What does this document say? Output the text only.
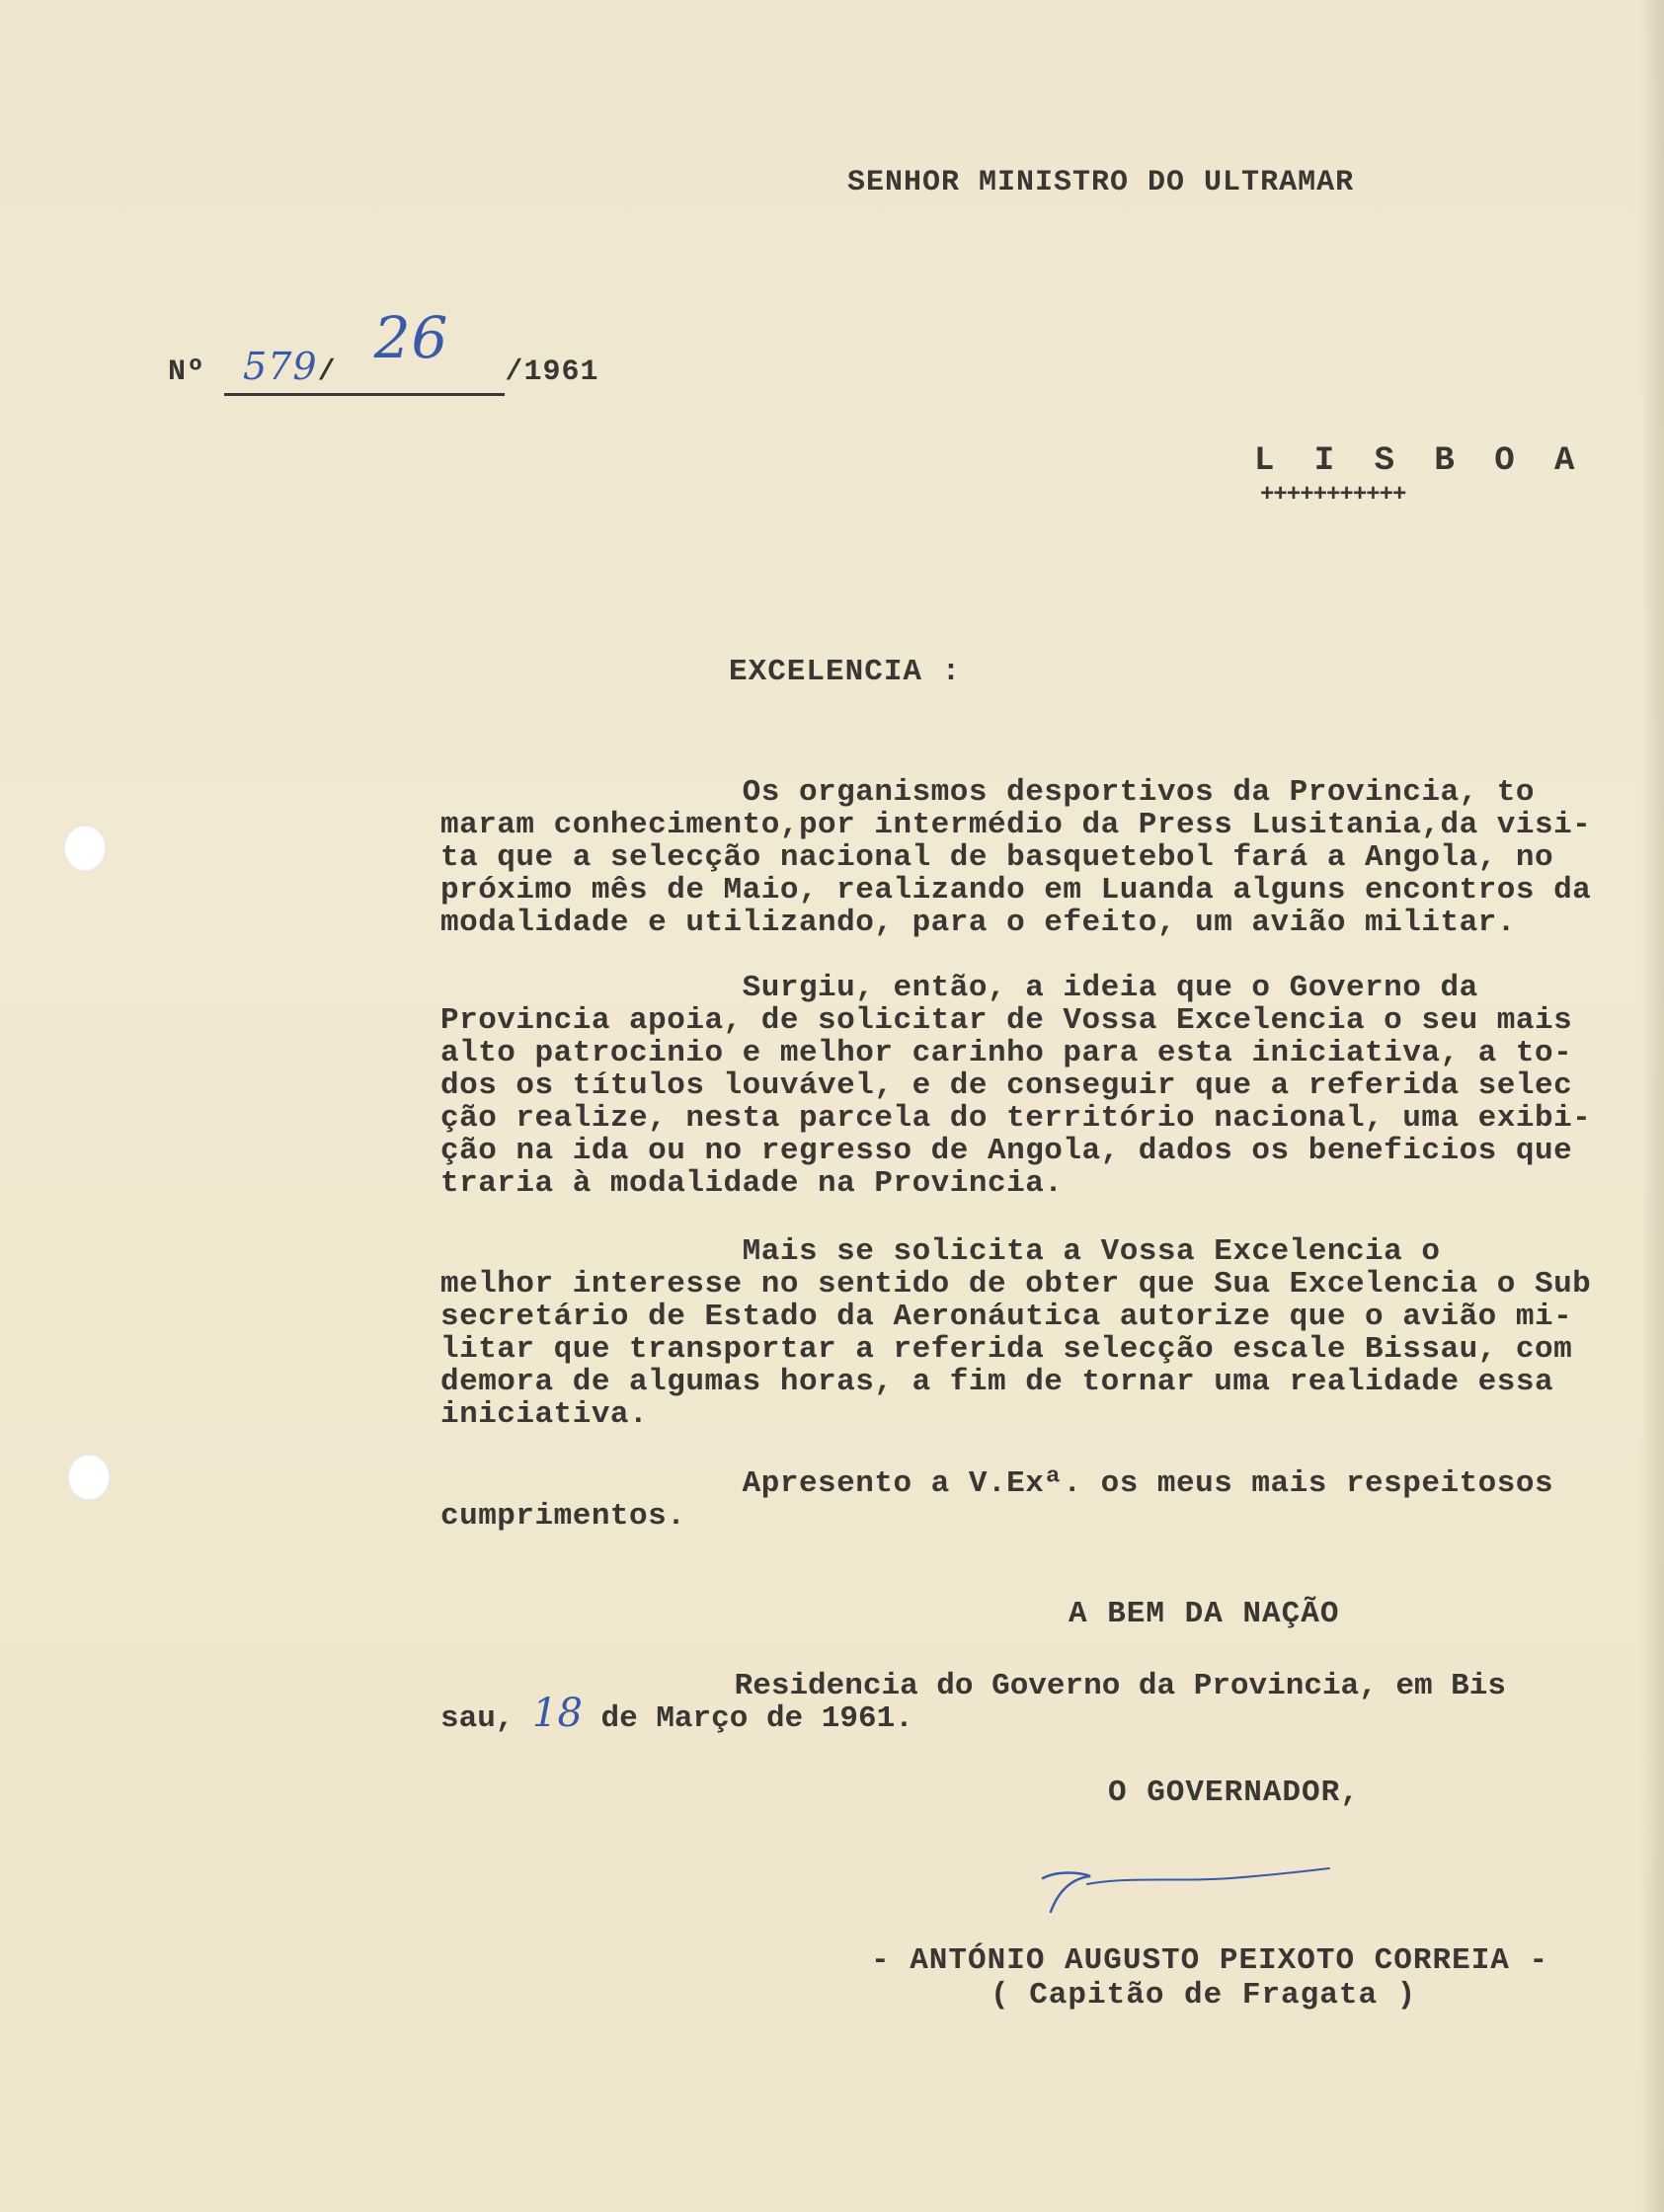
SENHOR MINISTRO DO ULTRAMAR
Nº 579/  26   /1961
L I S B O A
+++++++++++
EXCELENCIA :
Os organismos desportivos da Provincia, to
maram conhecimento,por intermédio da Press Lusitania,da visi-
ta que a selecção nacional de basquetebol fará a Angola, no
próximo mês de Maio, realizando em Luanda alguns encontros da
modalidade e utilizando, para o efeito, um avião militar.
Surgiu, então, a ideia que o Governo da
Provincia apoia, de solicitar de Vossa Excelencia o seu mais
alto patrocinio e melhor carinho para esta iniciativa, a to-
dos os títulos louvável, e de conseguir que a referida selec
ção realize, nesta parcela do território nacional, uma exibi-
ção na ida ou no regresso de Angola, dados os beneficios que
traria à modalidade na Provincia.
Mais se solicita a Vossa Excelencia o
melhor interesse no sentido de obter que Sua Excelencia o Sub
secretário de Estado da Aeronáutica autorize que o avião mi-
litar que transportar a referida selecção escale Bissau, com
demora de algumas horas, a fim de tornar uma realidade essa
iniciativa.
Apresento a V.Exª. os meus mais respeitosos
cumprimentos.
A BEM DA NAÇÃO
Residencia do Governo da Provincia, em Bis
sau, 18 de Março de 1961.
O GOVERNADOR,
- ANTÓNIO AUGUSTO PEIXOTO CORREIA -
( Capitão de Fragata )
